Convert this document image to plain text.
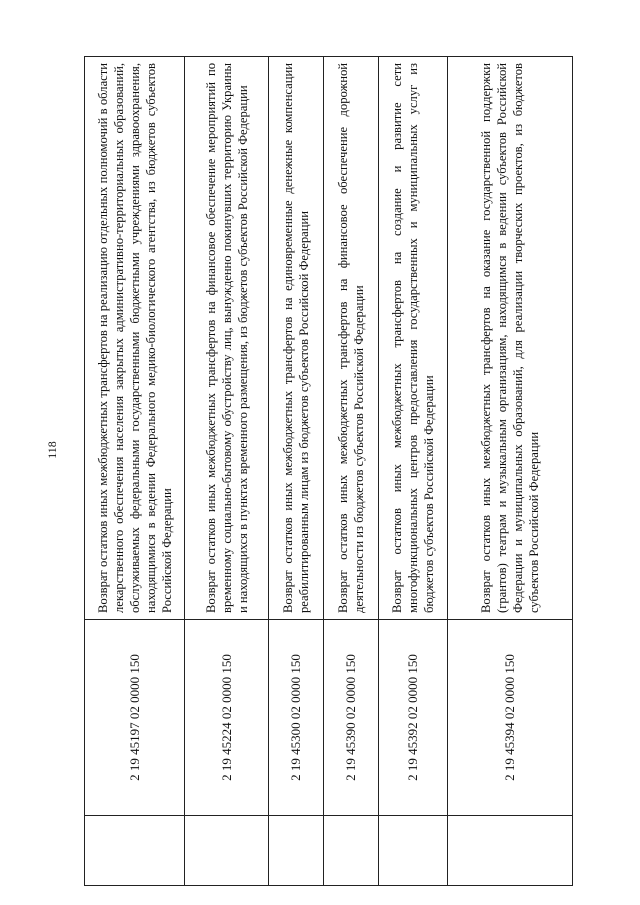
118
	2 19 45197 02 0000 150	Возврат остатков иных межбюджетных трансфертов на реализацию отдельных полномочий в области лекарственного обеспечения населения закрытых административно-территориальных образований, обслуживаемых федеральными государственными бюджетными учреждениями здравоохранения, находящимися в ведении Федерального медико-биологического агентства, из бюджетов субъектов Российской Федерации
	2 19 45224 02 0000 150	Возврат остатков иных межбюджетных трансфертов на финансовое обеспечение мероприятий по временному социально-бытовому обустройству лиц, вынужденно покинувших территорию Украины и находящихся в пунктах временного размещения, из бюджетов субъектов Российской Федерации
	2 19 45300 02 0000 150	Возврат остатков иных межбюджетных трансфертов на единовременные денежные компенсации реабилитированным лицам из бюджетов субъектов Российской Федерации
	2 19 45390 02 0000 150	Возврат остатков иных межбюджетных трансфертов на финансовое обеспечение дорожной деятельности из бюджетов субъектов Российской Федерации
	2 19 45392 02 0000 150	Возврат остатков иных межбюджетных трансфертов на создание и развитие сети многофункциональных центров предоставления государственных и муниципальных услуг из бюджетов субъектов Российской Федерации
	2 19 45394 02 0000 150	Возврат остатков иных межбюджетных трансфертов на оказание государственной поддержки (грантов) театрам и музыкальным организациям, находящимся в ведении субъектов Российской Федерации и муниципальных образований, для реализации творческих проектов, из бюджетов субъектов Российской Федерации
